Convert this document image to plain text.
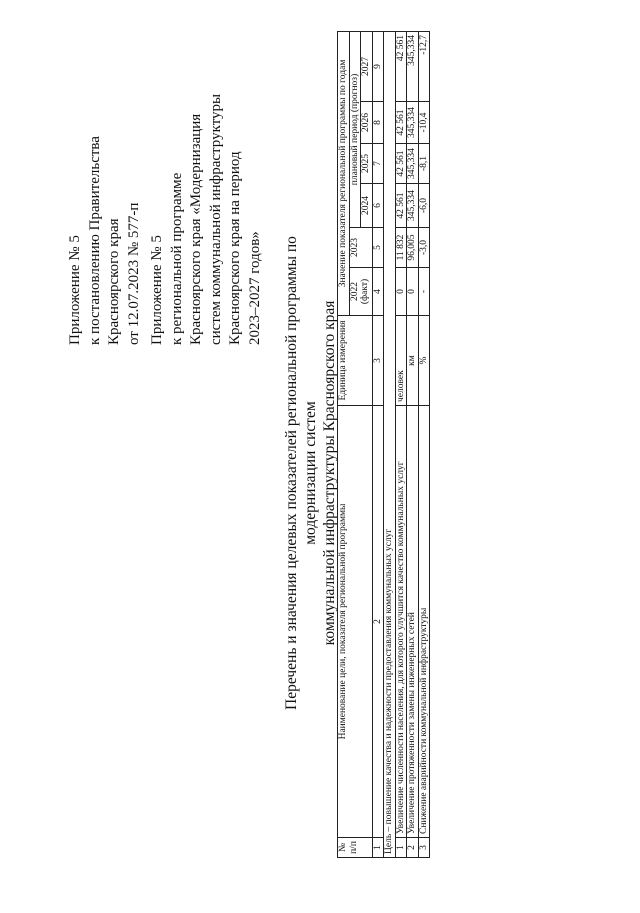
Приложение № 5 к постановлению Правительства Красноярского края от 12.07.2023 № 577-п Приложение № 5 к региональной программе Красноярского края «Модернизация систем коммунальной инфраструктуры Красноярского края на период 2023–2027 годов» Перечень и значения целевых показателей региональной программы по модернизации систем коммунальной инфраструктуры Красноярского края
№ п/п	Наименование цели, показателя региональной программы	Единица измерения	Значение показателя региональной программы по годам					
			2022 (факт)	2023	плановый период (прогноз)			
					2024	2025	2026	2027
1	2	3	4	5	6	7	8	9
Цель – повышение качества и надежности предоставления коммунальных услуг								
1	Увеличение численности населения, для которого улучшится качество коммунальных услуг	человек	0	11 832	42 561	42 561	42 561	42 561
2	Увеличение протяженности замены инженерных сетей	км	0	96,005	345,334	345,334	345,334	345,334
3	Снижение аварийности коммунальной инфраструктуры	%	-	-3,0	-6,0	-8,1	-10,4	-12,7
